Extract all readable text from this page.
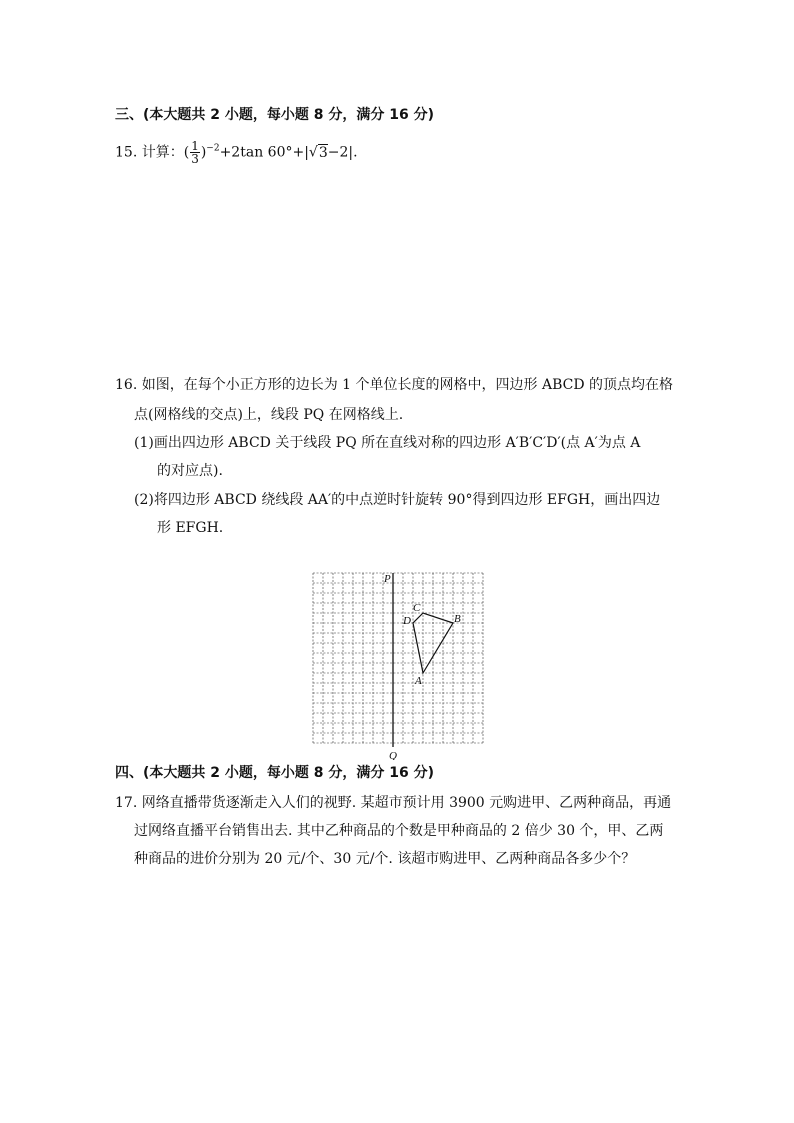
三、(本大题共 2 小题，每小题 8 分，满分 16 分)
15. 计算：( $\frac{1}{3} )^{-2}+2\tan$ 60°+|√3−2|.
16. 如图，在每个小正方形的边长为 1 个单位长度的网格中，四边形 ABCD 的顶点均在格
点(网格线的交点)上，线段 PQ 在网格线上.
(1)画出四边形 ABCD 关于线段 PQ 所在直线对称的四边形 A′B′C′D′(点 A′为点 A
的对应点).
(2)将四边形 ABCD 绕线段 AA′的中点逆时针旋转 90°得到四边形 EFGH，画出四边
形 EFGH.
P
Q
A
B
C
D
四、(本大题共 2 小题，每小题 8 分，满分 16 分)
17. 网络直播带货逐渐走入人们的视野. 某超市预计用 3900 元购进甲、乙两种商品，再通
过网络直播平台销售出去. 其中乙种商品的个数是甲种商品的 2 倍少 30 个，甲、乙两
种商品的进价分别为 20 元/个、30 元/个. 该超市购进甲、乙两种商品各多少个？
